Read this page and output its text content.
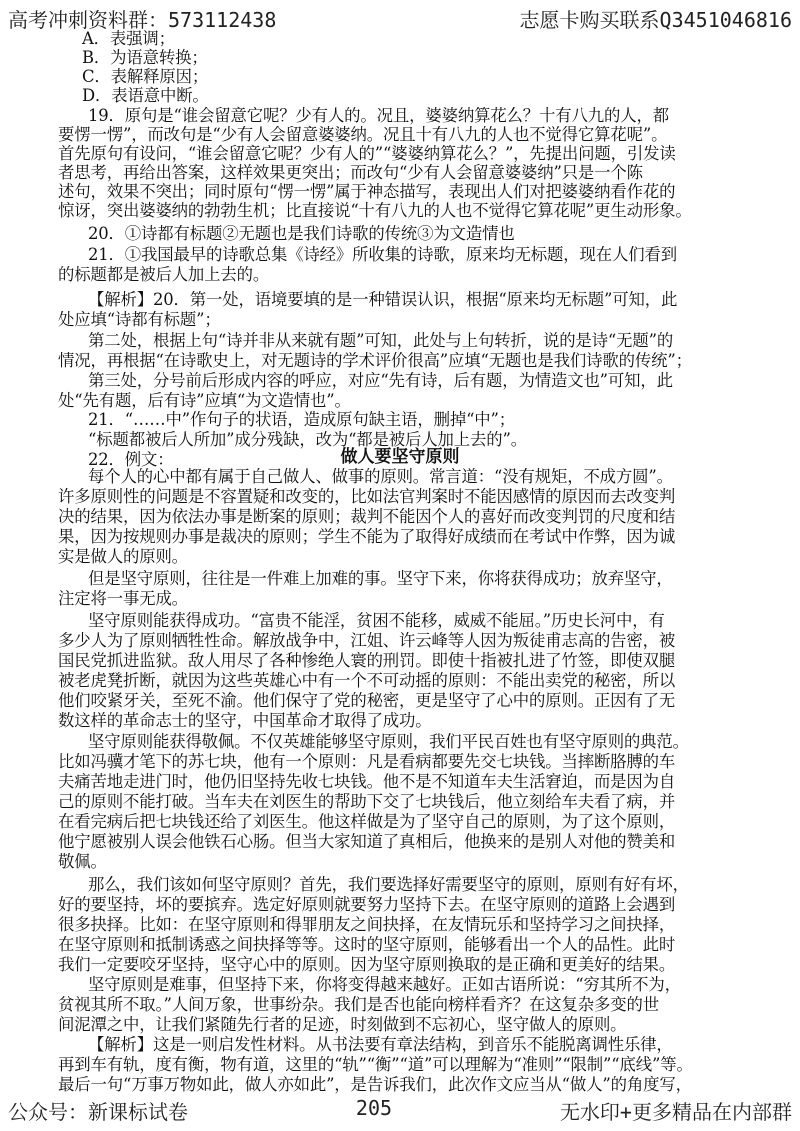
高考冲刺资料群：573112438	志愿卡购买联系Q3451046816
A．表强调；
B．为语意转换；
C．表解释原因；
D．表语意中断。
19．原句是“谁会留意它呢？少有人的。况且，婆婆纳算花么？十有八九的人，都
要愣一愣”，而改句是“少有人会留意婆婆纳。况且十有八九的人也不觉得它算花呢”。
首先原句有设问，“谁会留意它呢？少有人的”“婆婆纳算花么？”，先提出问题，引发读
者思考，再给出答案，这样效果更突出；而改句“少有人会留意婆婆纳”只是一个陈
述句，效果不突出；同时原句“愣一愣”属于神态描写，表现出人们对把婆婆纳看作花的
惊讶，突出婆婆纳的勃勃生机；比直接说“十有八九的人也不觉得它算花呢”更生动形象。
20．①诗都有标题②无题也是我们诗歌的传统③为文造情也
21．①我国最早的诗歌总集《诗经》所收集的诗歌，原来均无标题，现在人们看到
的标题都是被后人加上去的。
【解析】20．第一处，语境要填的是一种错误认识，根据“原来均无标题”可知，此
处应填“诗都有标题”；
第二处，根据上句“诗并非从来就有题”可知，此处与上句转折，说的是诗“无题”的
情况，再根据“在诗歌史上，对无题诗的学术评价很高”应填“无题也是我们诗歌的传统”；
第三处，分号前后形成内容的呼应，对应“先有诗，后有题，为情造文也”可知，此
处“先有题，后有诗”应填“为文造情也”。
21．“……中”作句子的状语，造成原句缺主语，删掉“中”；
“标题都被后人所加”成分残缺，改为“都是被后人加上去的”。
22．例文：	做人要坚守原则
每个人的心中都有属于自己做人、做事的原则。常言道：“没有规矩，不成方圆”。
许多原则性的问题是不容置疑和改变的，比如法官判案时不能因感情的原因而去改变判
决的结果，因为依法办事是断案的原则；裁判不能因个人的喜好而改变判罚的尺度和结
果，因为按规则办事是裁决的原则；学生不能为了取得好成绩而在考试中作弊，因为诚
实是做人的原则。
但是坚守原则，往往是一件难上加难的事。坚守下来，你将获得成功；放弃坚守，
注定将一事无成。
坚守原则能获得成功。“富贵不能淫，贫困不能移，威威不能屈。”历史长河中，有
多少人为了原则牺牲性命。解放战争中，江姐、许云峰等人因为叛徒甫志高的告密，被
国民党抓进监狱。敌人用尽了各种惨绝人寰的刑罚。即使十指被扎进了竹签，即使双腿
被老虎凳折断，就因为这些英雄心中有一个不可动摇的原则：不能出卖党的秘密，所以
他们咬紧牙关，至死不渝。他们保守了党的秘密，更是坚守了心中的原则。正因有了无
数这样的革命志士的坚守，中国革命才取得了成功。
坚守原则能获得敬佩。不仅英雄能够坚守原则，我们平民百姓也有坚守原则的典范。
比如冯骥才笔下的苏七块，他有一个原则：凡是看病都要先交七块钱。当摔断胳膊的车
夫痛苦地走进门时，他仍旧坚持先收七块钱。他不是不知道车夫生活窘迫，而是因为自
己的原则不能打破。当车夫在刘医生的帮助下交了七块钱后，他立刻给车夫看了病，并
在看完病后把七块钱还给了刘医生。他这样做是为了坚守自己的原则，为了这个原则，
他宁愿被别人误会他铁石心肠。但当大家知道了真相后，他换来的是别人对他的赞美和
敬佩。
那么，我们该如何坚守原则？首先，我们要选择好需要坚守的原则，原则有好有坏，
好的要坚持，坏的要摈弃。选定好原则就要努力坚持下去。在坚守原则的道路上会遇到
很多抉择。比如：在坚守原则和得罪朋友之间抉择，在友情玩乐和坚持学习之间抉择，
在坚守原则和抵制诱惑之间抉择等等。这时的坚守原则，能够看出一个人的品性。此时
我们一定要咬牙坚持，坚守心中的原则。因为坚守原则换取的是正确和更美好的结果。
坚守原则是难事，但坚持下来，你将变得越来越好。正如古语所说：“穷其所不为，
贫视其所不取。”人间万象，世事纷杂。我们是否也能向榜样看齐？在这复杂多变的世
间泥潭之中，让我们紧随先行者的足迹，时刻做到不忘初心，坚守做人的原则。
【解析】这是一则启发性材料。从书法要有章法结构，到音乐不能脱离调性乐律，
再到车有轨，度有衡，物有道，这里的“轨”“衡”“道”可以理解为“准则”“限制”“底线”等。
公众号：新课标试卷	205	无水印+更多精品在内部群
最后一句“万事万物如此，做人亦如此”，是告诉我们，此次作文应当从“做人”的角度写，
